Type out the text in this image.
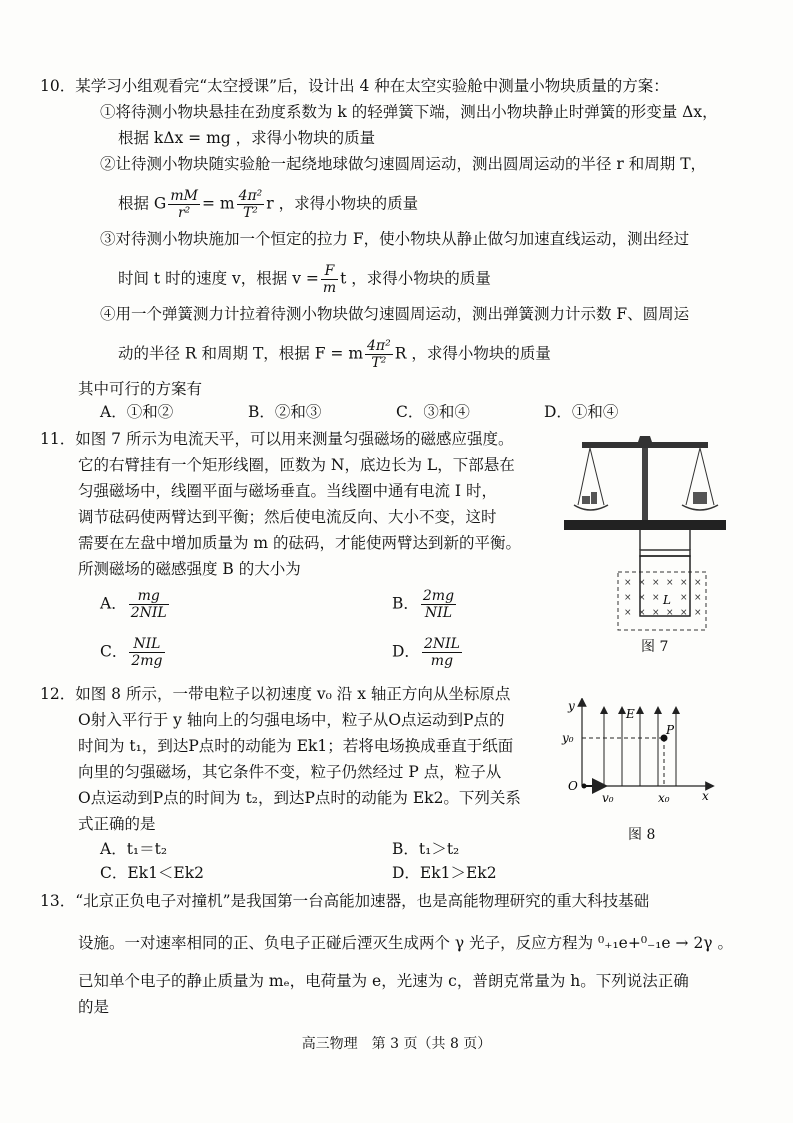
10．某学习小组观看完“太空授课”后，设计出 4 种在太空实验舱中测量小物块质量的方案：
①将待测小物块悬挂在劲度系数为 k 的轻弹簧下端，测出小物块静止时弹簧的形变量 Δx，
根据 kΔx = mg ，求得小物块的质量
②让待测小物块随实验舱一起绕地球做匀速圆周运动，测出圆周运动的半径 r 和周期 T，
根据 G $\frac{mM}{\text{r²}} = m \frac{\text{4π²}}{\text{T²}}$ r ，求得小物块的质量
③对待测小物块施加一个恒定的拉力 F，使小物块从静止做匀加速直线运动，测出经过
时间 t 时的速度 v，根据 $v = \frac{F}{m}$ t ，求得小物块的质量
④用一个弹簧测力计拉着待测小物块做匀速圆周运动，测出弹簧测力计示数 F、圆周运
动的半径 R 和周期 T，根据 F = m $\frac{\text{4π²}}{\text{T²}}$ R ，求得小物块的质量
其中可行的方案有
A．①和②	B．②和③	C．③和④	D．①和④
11．如图 7 所示为电流天平，可以用来测量匀强磁场的磁感应强度。
它的右臂挂有一个矩形线圈，匝数为 N，底边长为 L，下部悬在
匀强磁场中，线圈平面与磁场垂直。当线圈中通有电流 I 时，
调节砝码使两臂达到平衡；然后使电流反向、大小不变，这时
需要在左盘中增加质量为 m 的砝码，才能使两臂达到新的平衡。
所测磁场的磁感强度 B 的大小为
A． mg
2NIL
B． 2mg
NIL
C． NIL
2mg
D． 2NIL
mg
× × × × × ×
× × × × ×
× × × × × ×
L
图 7
12．如图 8 所示，一带电粒子以初速度 v₀ 沿 x 轴正方向从坐标原点
O射入平行于 y 轴向上的匀强电场中，粒子从O点运动到P点的
时间为 t₁，到达P点时的动能为 Ek1；若将电场换成垂直于纸面
向里的匀强磁场，其它条件不变，粒子仍然经过 P 点，粒子从
O点运动到P点的时间为 t₂，到达P点时的动能为 Ek2。下列关系
式正确的是
A．t₁＝t₂	B．t₁＞t₂
C．Ek1＜Ek2	D．Ek1＞Ek2
y
x
E
P
y₀
O
v₀	x₀
图 8
13．“北京正负电子对撞机”是我国第一台高能加速器，也是高能物理研究的重大科技基础
设施。一对速率相同的正、负电子正碰后湮灭生成两个 γ 光子，反应方程为 ⁰₊₁e+⁰₋₁e → 2γ 。
已知单个电子的静止质量为 mₑ，电荷量为 e，光速为 c，普朗克常量为 h。下列说法正确
的是
高三物理　第 3 页（共 8 页）
